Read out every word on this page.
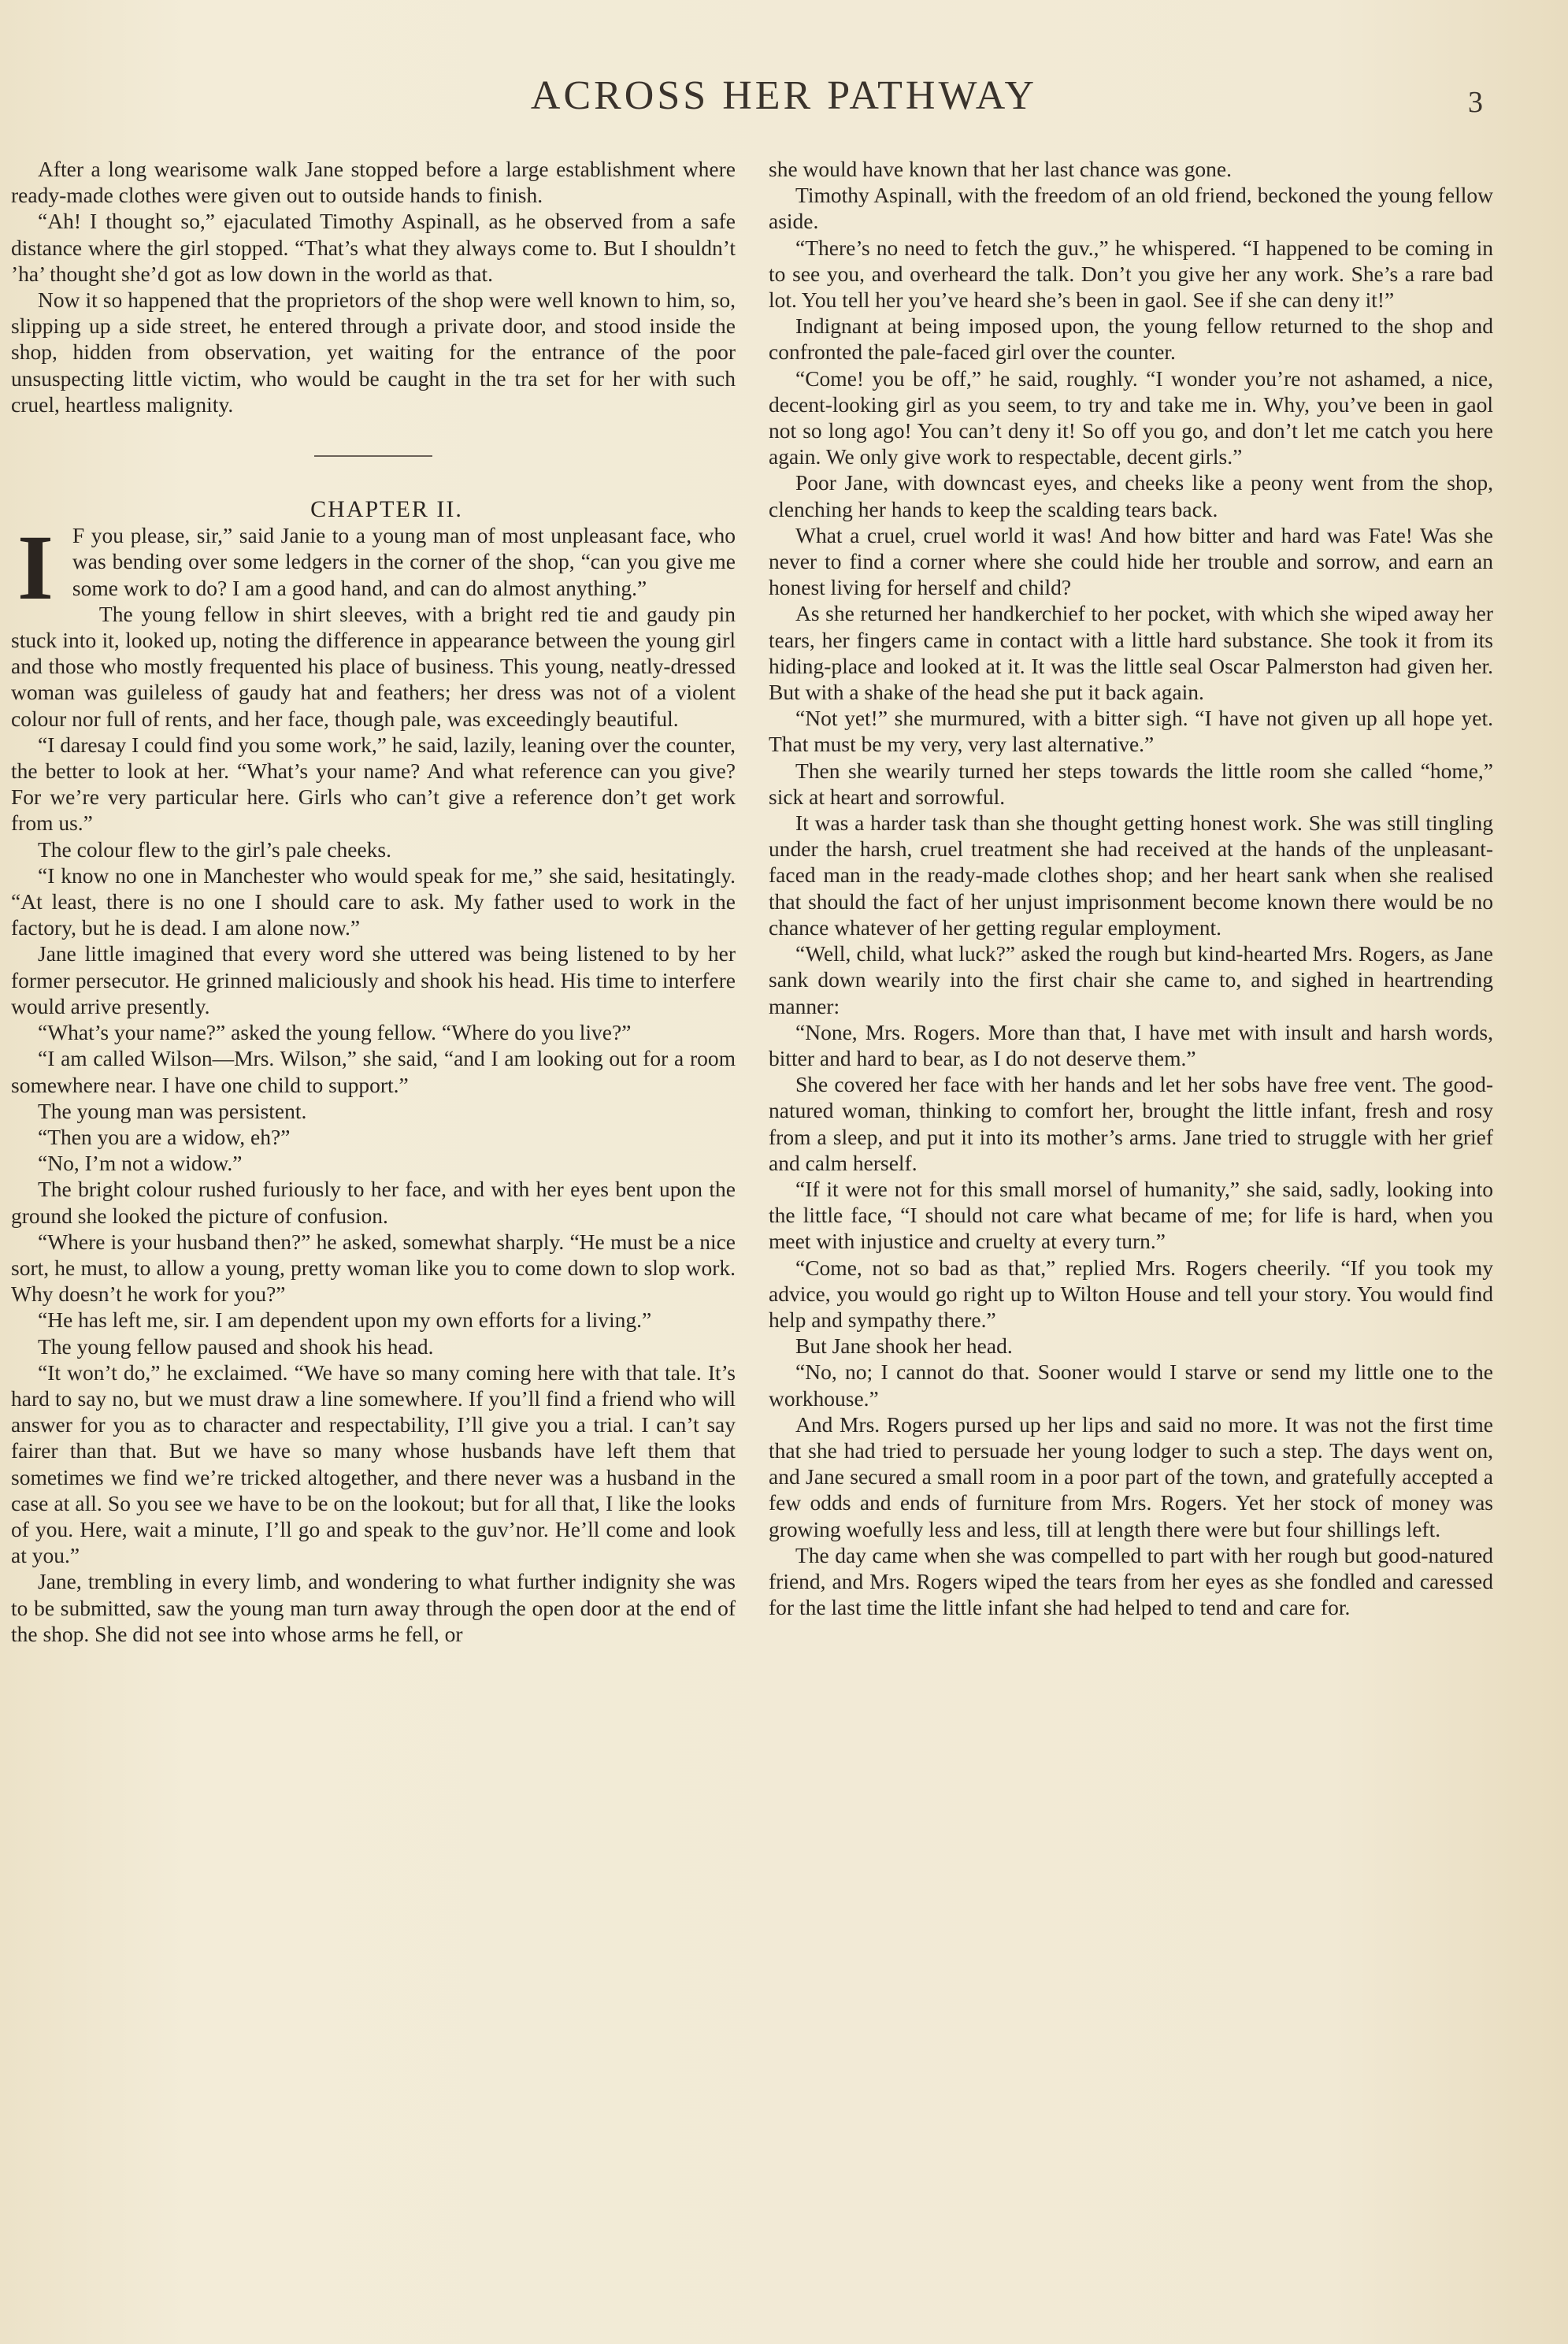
ACROSS HER PATHWAY	3

After a long wearisome walk Jane stopped before a large establishment where ready-made clothes were given out to outside hands to finish.

“Ah! I thought so,” ejaculated Timothy Aspinall, as he observed from a safe distance where the girl stopped. “That’s what they always come to. But I shouldn’t ’ha’ thought she’d got as low down in the world as that.

Now it so happened that the proprietors of the shop were well known to him, so, slipping up a side street, he entered through a private door, and stood inside the shop, hidden from observation, yet waiting for the entrance of the poor unsuspecting little victim, who would be caught in the tra set for her with such cruel, heartless malignity.

CHAPTER II.

I F you please, sir,” said Janie to a young man of most unpleasant face, who was bending over some ledgers in the corner of the shop, “can you give me some work to do? I am a good hand, and can do almost anything.”

The young fellow in shirt sleeves, with a bright red tie and gaudy pin stuck into it, looked up, noting the difference in appearance between the young girl and those who mostly frequented his place of business. This young, neatly-dressed woman was guileless of gaudy hat and feathers; her dress was not of a violent colour nor full of rents, and her face, though pale, was exceedingly beautiful.

“I daresay I could find you some work,” he said, lazily, leaning over the counter, the better to look at her. “What’s your name? And what reference can you give? For we’re very particular here. Girls who can’t give a reference don’t get work from us.”

The colour flew to the girl’s pale cheeks.

“I know no one in Manchester who would speak for me,” she said, hesitatingly. “At least, there is no one I should care to ask. My father used to work in the factory, but he is dead. I am alone now.”

Jane little imagined that every word she uttered was being listened to by her former persecutor. He grinned maliciously and shook his head. His time to interfere would arrive presently.

“What’s your name?” asked the young fellow. “Where do you live?”

“I am called Wilson—Mrs. Wilson,” she said, “and I am looking out for a room somewhere near. I have one child to support.”

The young man was persistent.

“Then you are a widow, eh?”

“No, I’m not a widow.”

The bright colour rushed furiously to her face, and with her eyes bent upon the ground she looked the picture of confusion.

“Where is your husband then?” he asked, somewhat sharply. “He must be a nice sort, he must, to allow a young, pretty woman like you to come down to slop work. Why doesn’t he work for you?”

“He has left me, sir. I am dependent upon my own efforts for a living.”

The young fellow paused and shook his head.

“It won’t do,” he exclaimed. “We have so many coming here with that tale. It’s hard to say no, but we must draw a line somewhere. If you’ll find a friend who will answer for you as to character and respectability, I’ll give you a trial. I can’t say fairer than that. But we have so many whose husbands have left them that sometimes we find we’re tricked altogether, and there never was a husband in the case at all. So you see we have to be on the lookout; but for all that, I like the looks of you. Here, wait a minute, I’ll go and speak to the guv’nor. He’ll come and look at you.”

Jane, trembling in every limb, and wondering to what further indignity she was to be submitted, saw the young man turn away through the open door at the end of the shop. She did not see into whose arms he fell, or

she would have known that her last chance was gone.

Timothy Aspinall, with the freedom of an old friend, beckoned the young fellow aside.

“There’s no need to fetch the guv.,” he whispered. “I happened to be coming in to see you, and overheard the talk. Don’t you give her any work. She’s a rare bad lot. You tell her you’ve heard she’s been in gaol. See if she can deny it!”

Indignant at being imposed upon, the young fellow returned to the shop and confronted the pale-faced girl over the counter.

“Come! you be off,” he said, roughly. “I wonder you’re not ashamed, a nice, decent-looking girl as you seem, to try and take me in. Why, you’ve been in gaol not so long ago! You can’t deny it! So off you go, and don’t let me catch you here again. We only give work to respectable, decent girls.”

Poor Jane, with downcast eyes, and cheeks like a peony went from the shop, clenching her hands to keep the scalding tears back.

What a cruel, cruel world it was! And how bitter and hard was Fate! Was she never to find a corner where she could hide her trouble and sorrow, and earn an honest living for herself and child?

As she returned her handkerchief to her pocket, with which she wiped away her tears, her fingers came in contact with a little hard substance. She took it from its hiding-place and looked at it. It was the little seal Oscar Palmerston had given her. But with a shake of the head she put it back again.

“Not yet!” she murmured, with a bitter sigh. “I have not given up all hope yet. That must be my very, very last alternative.”

Then she wearily turned her steps towards the little room she called “home,” sick at heart and sorrowful.

It was a harder task than she thought getting honest work. She was still tingling under the harsh, cruel treatment she had received at the hands of the unpleasant-faced man in the ready-made clothes shop; and her heart sank when she realised that should the fact of her unjust imprisonment become known there would be no chance whatever of her getting regular employment.

“Well, child, what luck?” asked the rough but kind-hearted Mrs. Rogers, as Jane sank down wearily into the first chair she came to, and sighed in heartrending manner:

“None, Mrs. Rogers. More than that, I have met with insult and harsh words, bitter and hard to bear, as I do not deserve them.”

She covered her face with her hands and let her sobs have free vent. The good-natured woman, thinking to comfort her, brought the little infant, fresh and rosy from a sleep, and put it into its mother’s arms. Jane tried to struggle with her grief and calm herself.

“If it were not for this small morsel of humanity,” she said, sadly, looking into the little face, “I should not care what became of me; for life is hard, when you meet with injustice and cruelty at every turn.”

“Come, not so bad as that,” replied Mrs. Rogers cheerily. “If you took my advice, you would go right up to Wilton House and tell your story. You would find help and sympathy there.”

But Jane shook her head.

“No, no; I cannot do that. Sooner would I starve or send my little one to the workhouse.”

And Mrs. Rogers pursed up her lips and said no more. It was not the first time that she had tried to persuade her young lodger to such a step. The days went on, and Jane secured a small room in a poor part of the town, and gratefully accepted a few odds and ends of furniture from Mrs. Rogers. Yet her stock of money was growing woefully less and less, till at length there were but four shillings left.

The day came when she was compelled to part with her rough but good-natured friend, and Mrs. Rogers wiped the tears from her eyes as she fondled and caressed for the last time the little infant she had helped to tend and care for.
